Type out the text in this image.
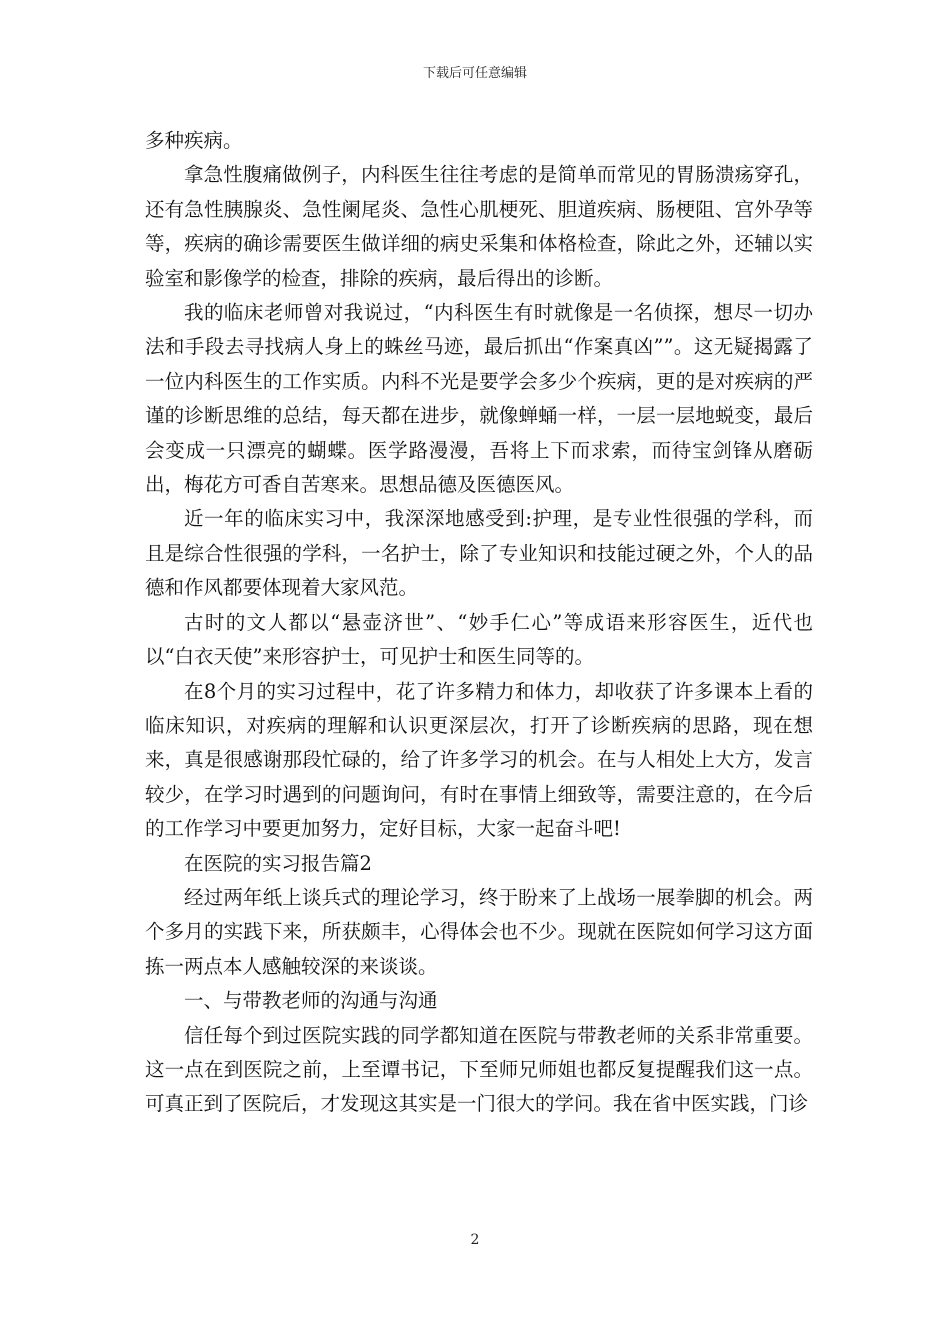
下载后可任意编辑

多种疾病。

拿急性腹痛做例子，内科医生往往考虑的是简单而常见的胃肠溃疡穿孔，还有急性胰腺炎、急性阑尾炎、急性心肌梗死、胆道疾病、肠梗阻、宫外孕等等，疾病的确诊需要医生做详细的病史采集和体格检查，除此之外，还辅以实验室和影像学的检查，排除的疾病，最后得出的诊断。

我的临床老师曾对我说过，“内科医生有时就像是一名侦探，想尽一切办法和手段去寻找病人身上的蛛丝马迹，最后抓出“作案真凶””。这无疑揭露了一位内科医生的工作实质。内科不光是要学会多少个疾病，更的是对疾病的严谨的诊断思维的总结，每天都在进步，就像蝉蛹一样，一层一层地蜕变，最后会变成一只漂亮的蝴蝶。医学路漫漫，吾将上下而求索，而待宝剑锋从磨砺出，梅花方可香自苦寒来。思想品德及医德医风。

近一年的临床实习中，我深深地感受到:护理，是专业性很强的学科，而且是综合性很强的学科，一名护士，除了专业知识和技能过硬之外，个人的品德和作风都要体现着大家风范。

古时的文人都以“悬壶济世”、“妙手仁心”等成语来形容医生，近代也以“白衣天使”来形容护士，可见护士和医生同等的。

在8个月的实习过程中，花了许多精力和体力，却收获了许多课本上看的临床知识，对疾病的理解和认识更深层次，打开了诊断疾病的思路，现在想来，真是很感谢那段忙碌的，给了许多学习的机会。在与人相处上大方，发言较少，在学习时遇到的问题询问，有时在事情上细致等，需要注意的，在今后的工作学习中要更加努力，定好目标，大家一起奋斗吧!

在医院的实习报告篇2

经过两年纸上谈兵式的理论学习，终于盼来了上战场一展拳脚的机会。两个多月的实践下来，所获颇丰，心得体会也不少。现就在医院如何学习这方面拣一两点本人感触较深的来谈谈。

一、与带教老师的沟通与沟通

信任每个到过医院实践的同学都知道在医院与带教老师的关系非常重要。这一点在到医院之前，上至谭书记，下至师兄师姐也都反复提醒我们这一点。可真正到了医院后，才发现这其实是一门很大的学问。我在省中医实践，门诊

2
